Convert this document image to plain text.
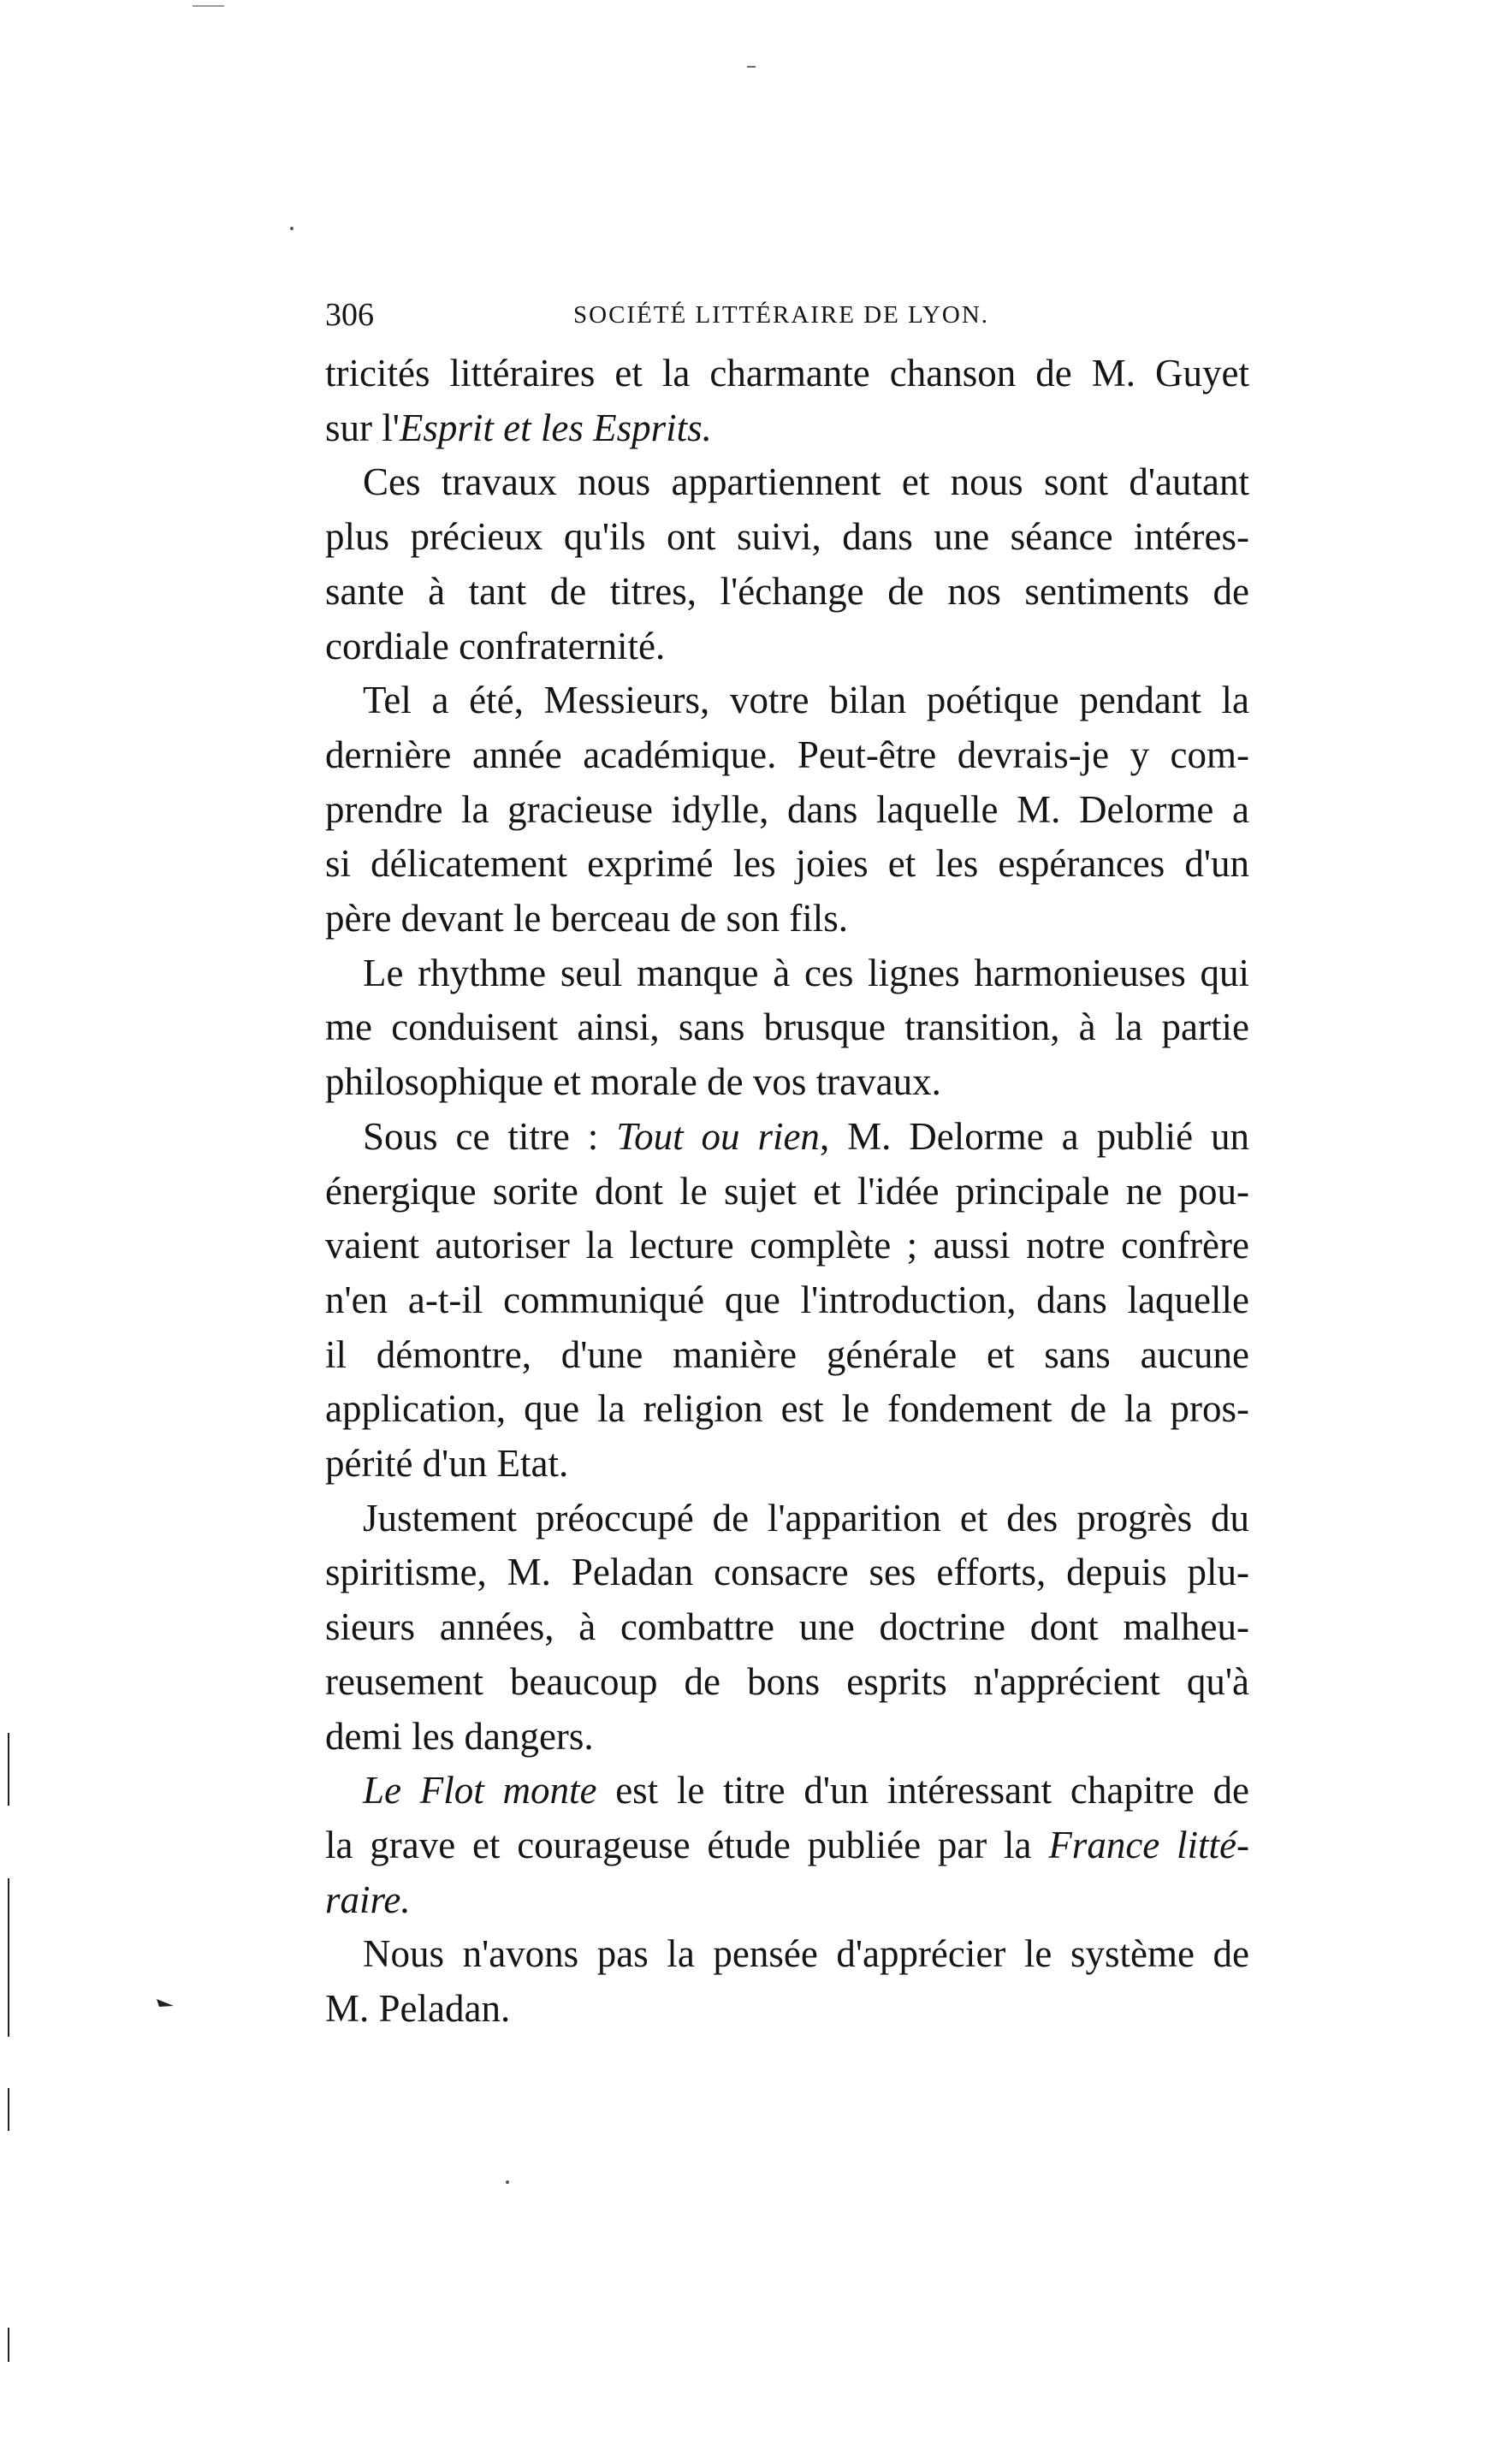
306	SOCIÉTÉ LITTÉRAIRE DE LYON.
tricités littéraires et la charmante chanson de M. Guyet
sur l'Esprit et les Esprits.
Ces travaux nous appartiennent et nous sont d'autant
plus précieux qu'ils ont suivi, dans une séance intéres-
sante à tant de titres, l'échange de nos sentiments de
cordiale confraternité.
Tel a été, Messieurs, votre bilan poétique pendant la
dernière année académique. Peut-être devrais-je y com-
prendre la gracieuse idylle, dans laquelle M. Delorme a
si délicatement exprimé les joies et les espérances d'un
père devant le berceau de son fils.
Le rhythme seul manque à ces lignes harmonieuses qui
me conduisent ainsi, sans brusque transition, à la partie
philosophique et morale de vos travaux.
Sous ce titre : Tout ou rien, M. Delorme a publié un
énergique sorite dont le sujet et l'idée principale ne pou-
vaient autoriser la lecture complète ; aussi notre confrère
n'en a-t-il communiqué que l'introduction, dans laquelle
il démontre, d'une manière générale et sans aucune
application, que la religion est le fondement de la pros-
périté d'un Etat.
Justement préoccupé de l'apparition et des progrès du
spiritisme, M. Peladan consacre ses efforts, depuis plu-
sieurs années, à combattre une doctrine dont malheu-
reusement beaucoup de bons esprits n'apprécient qu'à
demi les dangers.
Le Flot monte est le titre d'un intéressant chapitre de
la grave et courageuse étude publiée par la France litté-
raire.
Nous n'avons pas la pensée d'apprécier le système de
M. Peladan.
